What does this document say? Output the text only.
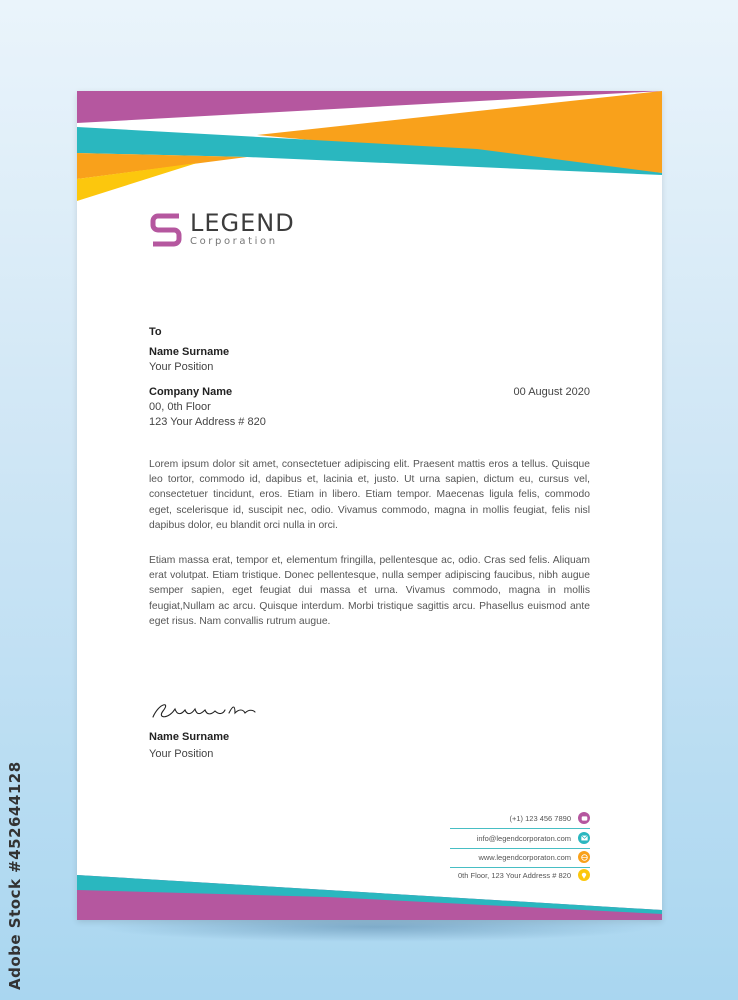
Adobe Stock #452644128
LEGEND
Corporation
To
Name Surname
Your Position
Company Name
00, 0th Floor
123 Your Address # 820
00 August 2020
Lorem ipsum dolor sit amet, consectetuer adipiscing elit. Praesent mattis eros a tellus. Quisque leo tortor, commodo id, dapibus et, lacinia et, justo. Ut urna sapien, dictum eu, cursus vel, consectetuer tincidunt, eros. Etiam in libero. Etiam tempor. Maecenas ligula felis, commodo eget, scelerisque id, suscipit nec, odio. Vivamus commodo, magna in mollis feugiat, felis nisl dapibus dolor, eu blandit orci nulla in orci.
Etiam massa erat, tempor et, elementum fringilla, pellentesque ac, odio. Cras sed felis. Aliquam erat volutpat. Etiam tristique. Donec pellentesque, nulla semper adipiscing faucibus, nibh augue semper sapien, eget feugiat dui massa et urna. Vivamus commodo, magna in mollis feugiat,Nullam ac arcu. Quisque interdum. Morbi tristique sagittis arcu. Phasellus euismod ante eget risus. Nam convallis rutrum augue.
Name Surname
Your Position
(+1) 123 456 7890
info@legendcorporaton.com
www.legendcorporaton.com
0th Floor, 123 Your Address # 820
